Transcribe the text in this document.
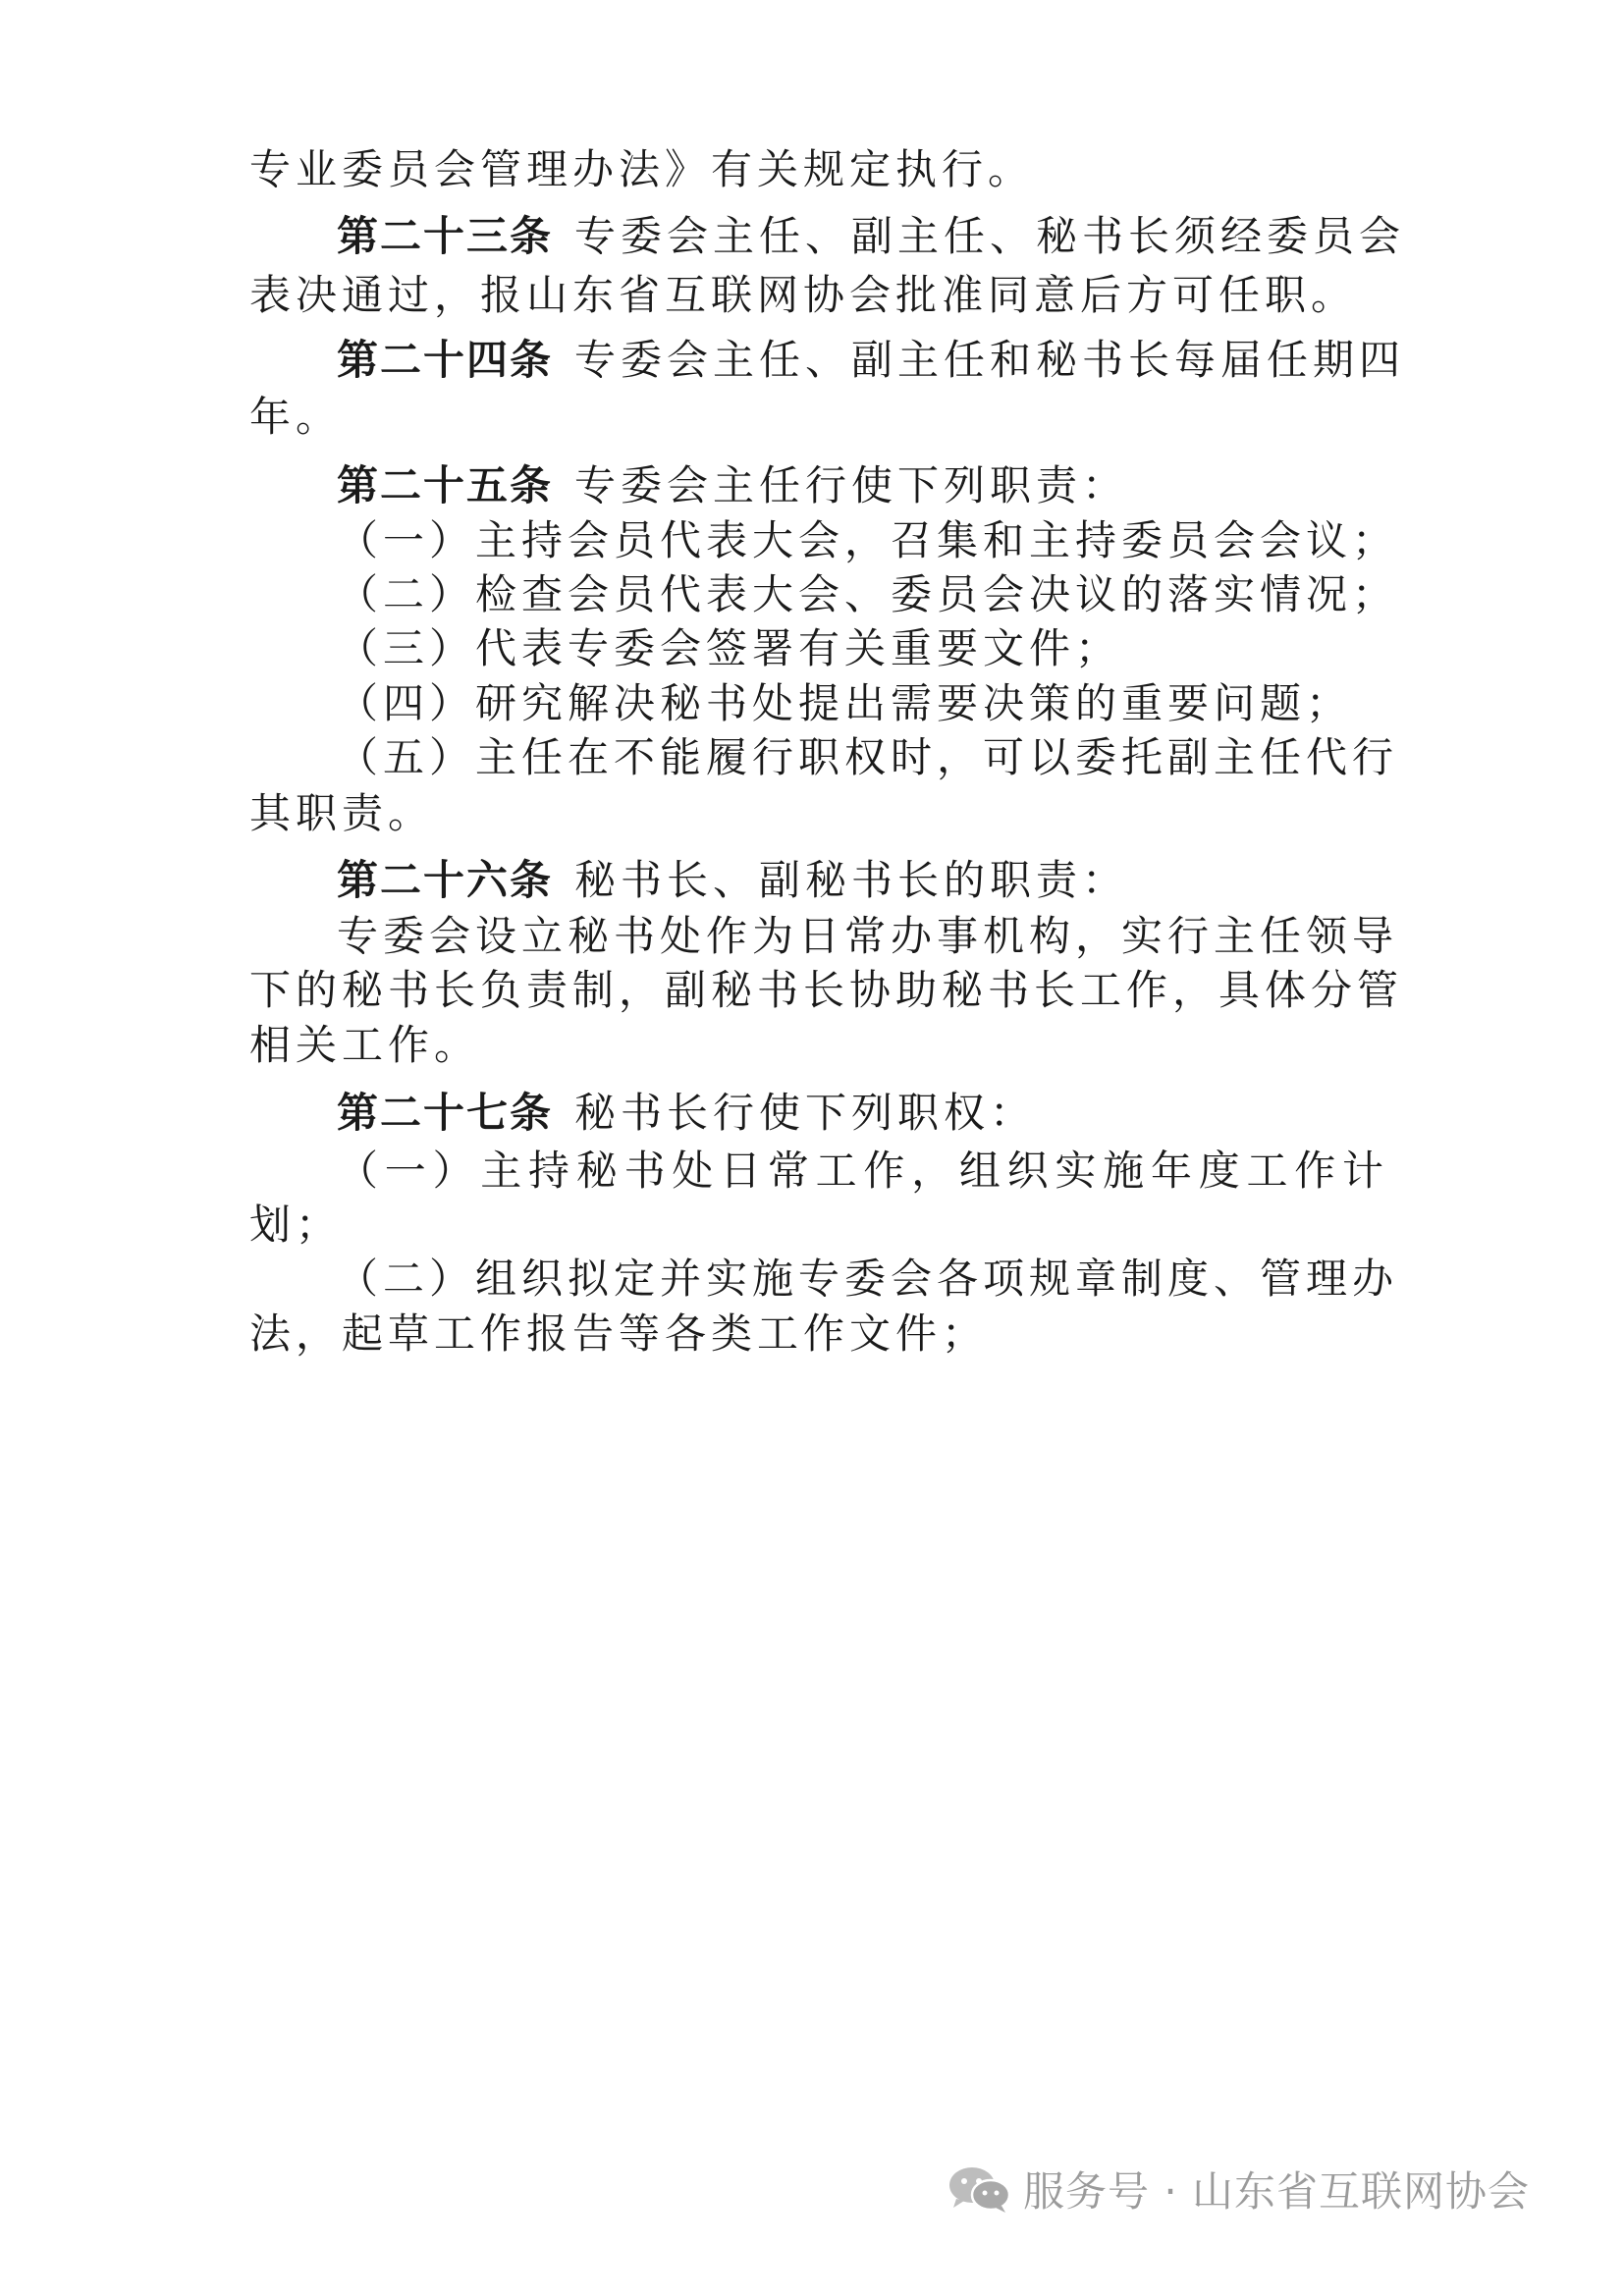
专业委员会管理办法》有关规定执行。
第二十三条 专委会主任、副主任、秘书长须经委员会
表决通过，报山东省互联网协会批准同意后方可任职。
第二十四条 专委会主任、副主任和秘书长每届任期四
年。
第二十五条 专委会主任行使下列职责：
（一）主持会员代表大会，召集和主持委员会会议；
（二）检查会员代表大会、委员会决议的落实情况；
（三）代表专委会签署有关重要文件；
（四）研究解决秘书处提出需要决策的重要问题；
（五）主任在不能履行职权时，可以委托副主任代行
其职责。
第二十六条 秘书长、副秘书长的职责：
专委会设立秘书处作为日常办事机构，实行主任领导
下的秘书长负责制，副秘书长协助秘书长工作，具体分管
相关工作。
第二十七条 秘书长行使下列职权：
（一）主持秘书处日常工作，组织实施年度工作计
划；
（二）组织拟定并实施专委会各项规章制度、管理办
法，起草工作报告等各类工作文件；
服务号 · 山东省互联网协会
